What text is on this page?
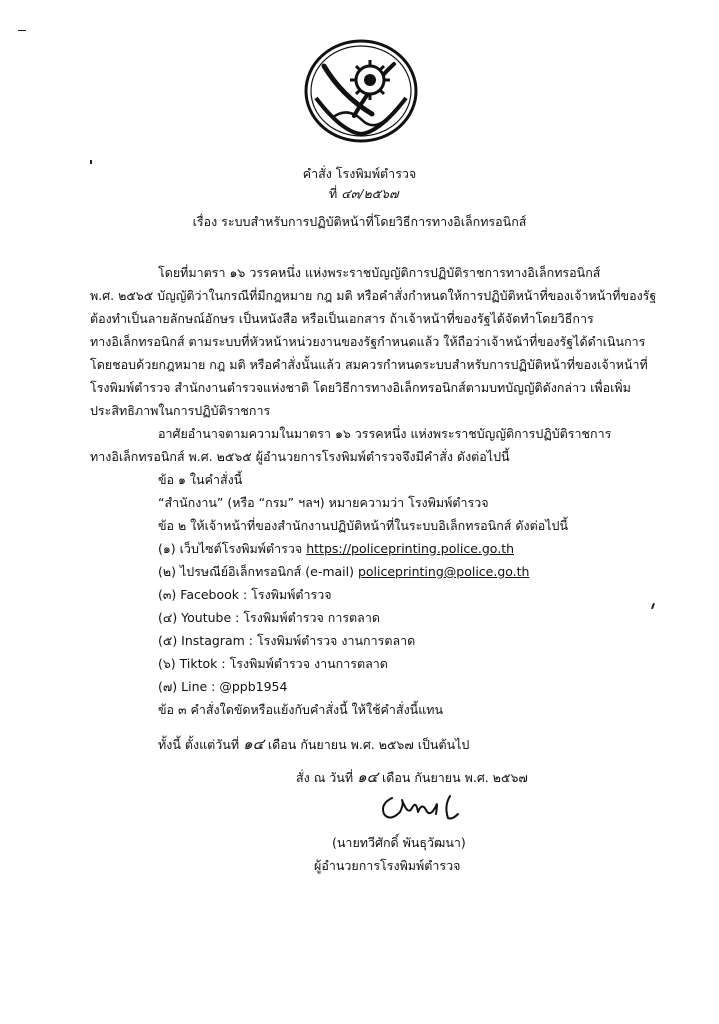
คำสั่ง โรงพิมพ์ตำรวจ
ที่ ๔๓/๒๕๖๗
เรื่อง ระบบสำหรับการปฏิบัติหน้าที่โดยวิธีการทางอิเล็กทรอนิกส์
โดยที่มาตรา ๑๖ วรรคหนึ่ง แห่งพระราชบัญญัติการปฏิบัติราชการทางอิเล็กทรอนิกส์
พ.ศ. ๒๕๖๕ บัญญัติว่าในกรณีที่มีกฎหมาย กฎ มติ หรือคำสั่งกำหนดให้การปฏิบัติหน้าที่ของเจ้าหน้าที่ของรัฐ
ต้องทำเป็นลายลักษณ์อักษร เป็นหนังสือ หรือเป็นเอกสาร ถ้าเจ้าหน้าที่ของรัฐได้จัดทำโดยวิธีการ
ทางอิเล็กทรอนิกส์ ตามระบบที่หัวหน้าหน่วยงานของรัฐกำหนดแล้ว ให้ถือว่าเจ้าหน้าที่ของรัฐได้ดำเนินการ
โดยชอบด้วยกฎหมาย กฎ มติ หรือคำสั่งนั้นแล้ว สมควรกำหนดระบบสำหรับการปฏิบัติหน้าที่ของเจ้าหน้าที่
โรงพิมพ์ตำรวจ สำนักงานตำรวจแห่งชาติ โดยวิธีการทางอิเล็กทรอนิกส์ตามบทบัญญัติดังกล่าว เพื่อเพิ่ม
ประสิทธิภาพในการปฏิบัติราชการ
อาศัยอำนาจตามความในมาตรา ๑๖ วรรคหนึ่ง แห่งพระราชบัญญัติการปฏิบัติราชการ
ทางอิเล็กทรอนิกส์ พ.ศ. ๒๕๖๕ ผู้อำนวยการโรงพิมพ์ตำรวจจึงมีคำสั่ง ดังต่อไปนี้
ข้อ ๑ ในคำสั่งนี้
“สำนักงาน” (หรือ “กรม” ฯลฯ) หมายความว่า โรงพิมพ์ตำรวจ
ข้อ ๒ ให้เจ้าหน้าที่ของสำนักงานปฏิบัติหน้าที่ในระบบอิเล็กทรอนิกส์ ดังต่อไปนี้
(๑) เว็บไซต์โรงพิมพ์ตำรวจ https://policeprinting.police.go.th
(๒) ไปรษณีย์อิเล็กทรอนิกส์ (e-mail) policeprinting@police.go.th
(๓) Facebook : โรงพิมพ์ตำรวจ
(๔) Youtube : โรงพิมพ์ตำรวจ การตลาด
(๕) Instagram : โรงพิมพ์ตำรวจ งานการตลาด
(๖) Tiktok : โรงพิมพ์ตำรวจ งานการตลาด
(๗) Line : @ppb1954
ข้อ ๓ คำสั่งใดขัดหรือแย้งกับคำสั่งนี้ ให้ใช้คำสั่งนี้แทน
ทั้งนี้ ตั้งแต่วันที่ ๑๔ เดือน กันยายน พ.ศ. ๒๕๖๗ เป็นต้นไป
สั่ง ณ วันที่ ๑๔ เดือน กันยายน พ.ศ. ๒๕๖๗
(นายทวีศักดิ์ พันธุวัฒนา)
ผู้อำนวยการโรงพิมพ์ตำรวจ
